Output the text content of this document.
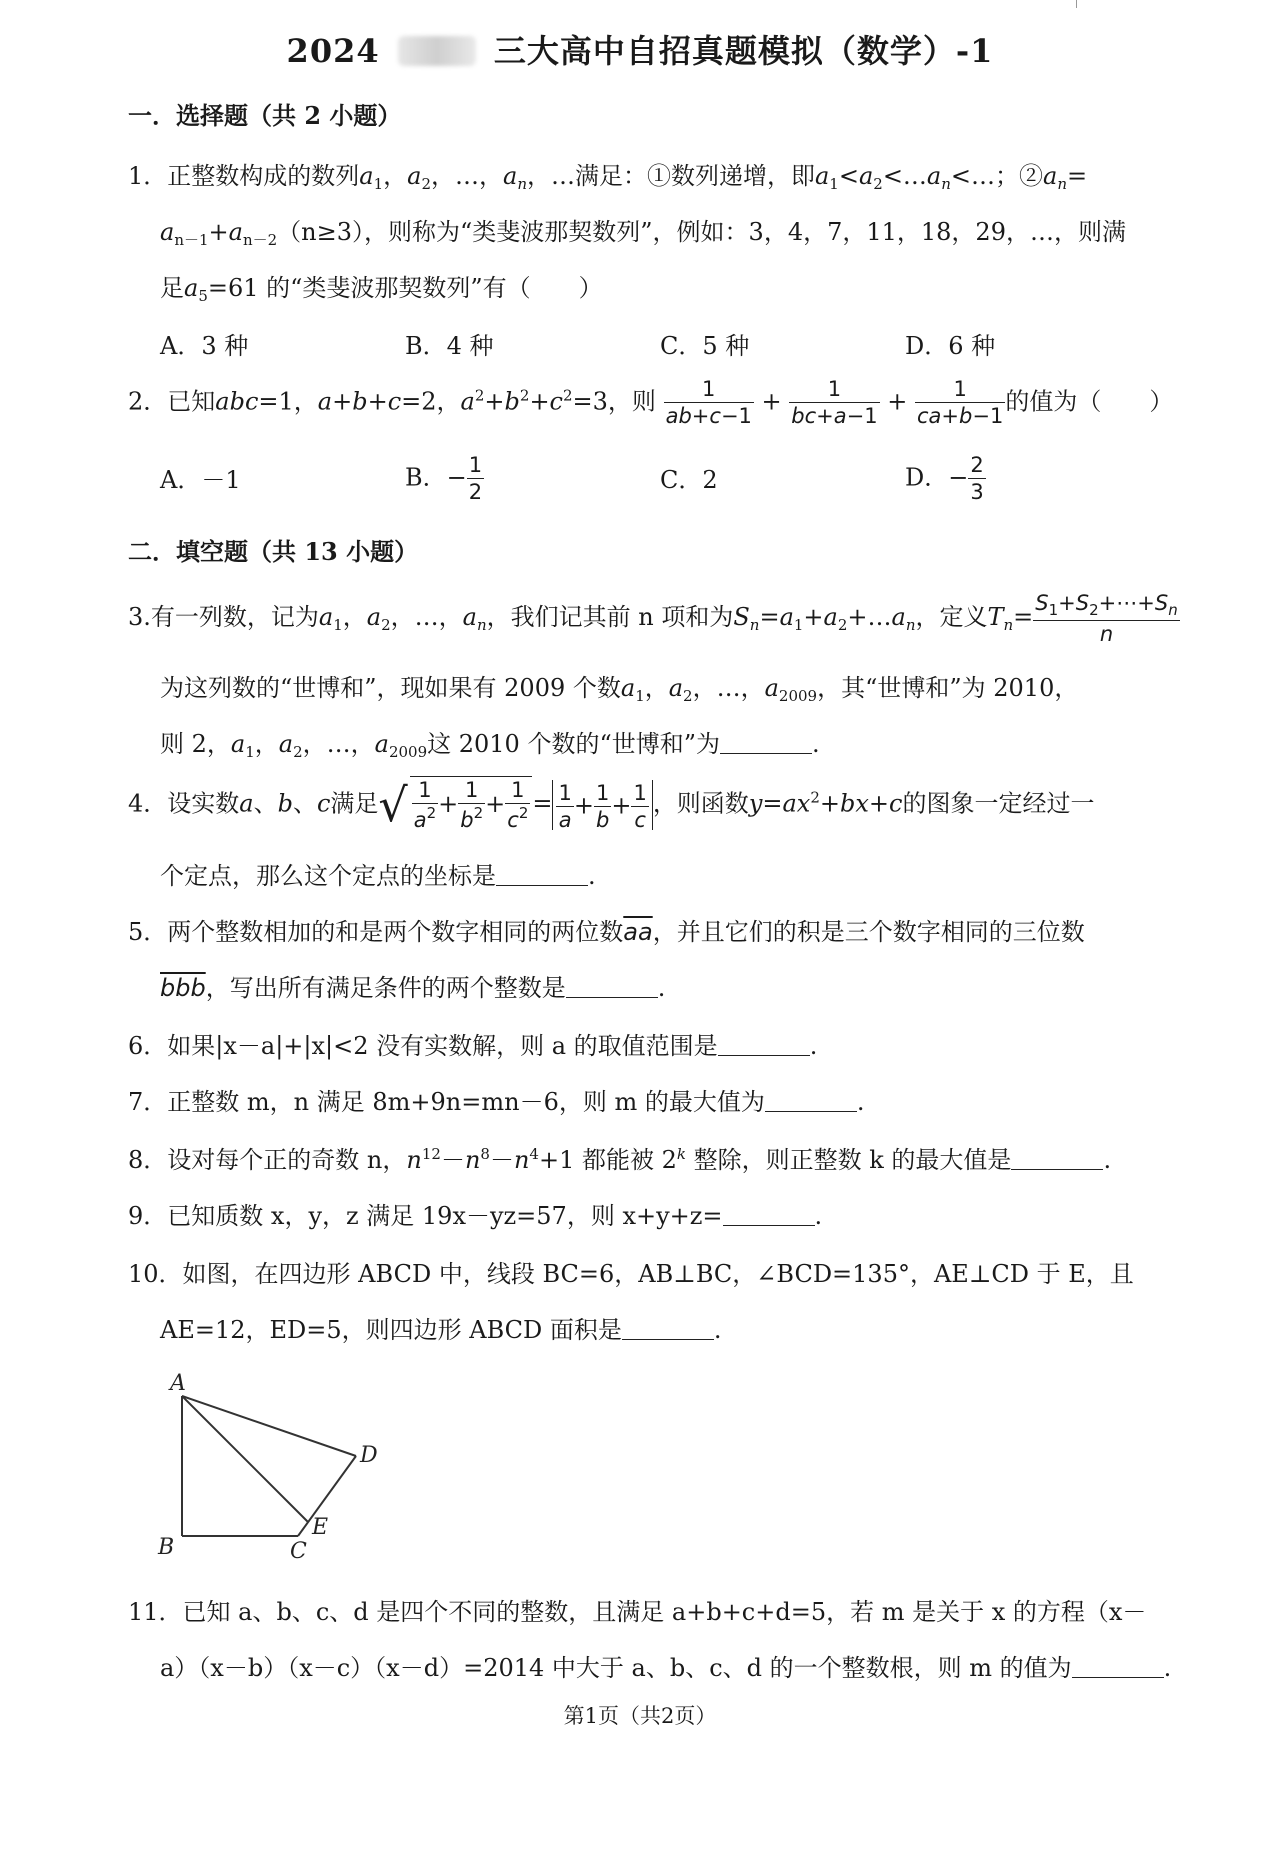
2024	三大高中自招真题模拟（数学）-1
一．选择题（共 2 小题）
1．正整数构成的数列$a_1$，$a_2$，…，$a_n$，…满足：①数列递增，即$a_1<a_2<\dots a_n<\dots$；$②a_n=$
$a_{n-1}+a_{n-2}(n\ge 3)$，则称为“类斐波那契数列”，例如：3，4，7，11，18，29，…，则满
足$a_5=61$ 的“类斐波那契数列”有（　　）
A．3 种	B．4 种	C．5 种	D．6 种
2．已知abc=1，a+b+c=2，$a^2+b^2+c^2=3$，则 $\frac{1}{ab+c-1} + \frac{1}{bc+a-1} + \frac{1}{ca+b-1}$ 的值为（　　）
A．－1	B．− $\frac{1}{2}$	C．2	D．− $\frac{2}{3}$
二．填空题（共 13 小题）
3.有一列数，记为$a_1$，$a_2$，…，$a_n$，我们记其前 n 项和为$S_n=a_1+a_2+\dots a_n$，定义$T_n= \frac{S_1+S_2+\cdots+S_n}{n}$
为这列数的“世博和”，现如果有 2009 个数$a_1$，$a_2$，…，$a_{2009}$，其“世博和”为 2010，
则 2，$a_1$，$a_2$，…，$a_{2009}$这 2010 个数的“世博和”为	.
4．设实数a、b、c满足√ $\frac{1}{a^2} + \frac{1}{b^2} + \frac{1}{c^2} = \frac{1}{a} + \frac{1}{b} + \frac{1}{c}$ ，则函数$y=ax^2+bx+c$的图象一定经过一
个定点，那么这个定点的坐标是	.
5．两个整数相加的和是两个数字相同的两位数$\overline{aa}$，并且它们的积是三个数字相同的三位数
$\overline{bbb}$，写出所有满足条件的两个整数是	.
6．如果|x－a|+|x|<2 没有实数解，则 a 的取值范围是	.
7．正整数 m，n 满足 8m+9n=mn－6，则 m 的最大值为	.
8．设对每个正的奇数 n，$n^{12}-n^8-n^4+1$ 都能被 2$^k$ 整除，则正整数 k 的最大值是	.
9．已知质数 x，y，z 满足 19x－yz=57，则 x+y+z=	.
10．如图，在四边形 ABCD 中，线段 BC=6，AB⊥BC，∠BCD=135°，AE⊥CD 于 E，且
AE=12，ED=5，则四边形 ABCD 面积是	.
A
B	C
D
E
11．已知 a、b、c、d 是四个不同的整数，且满足 a+b+c+d=5，若 m 是关于 x 的方程（x－
a）（x－b）（x－c）（x－d）=2014 中大于 a、b、c、d 的一个整数根，则 m 的值为	.
第1页（共2页）
